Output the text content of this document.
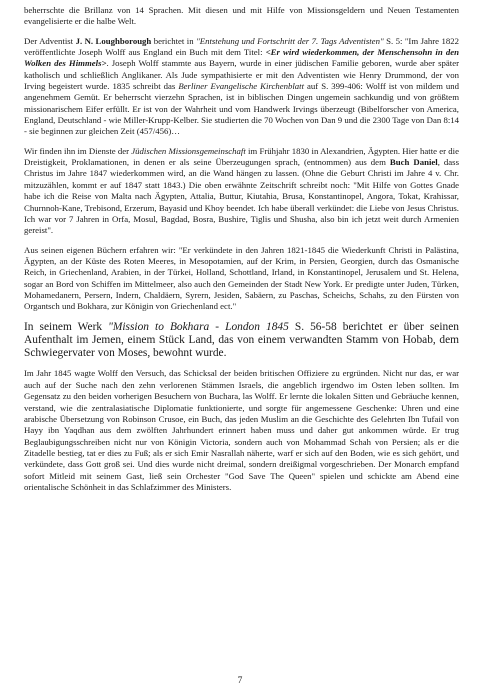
beherrschte die Brillanz von 14 Sprachen. Mit diesen und mit Hilfe von Missionsgeldern und Neuen Testamenten evangelisierte er die halbe Welt.

Der Adventist J. N. Loughborough berichtet in "Entstehung und Fortschritt der 7. Tags Adventisten" S. 5: "Im Jahre 1822 veröffentlichte Joseph Wolff aus England ein Buch mit dem Titel: <Er wird wiederkommen, der Menschensohn in den Wolken des Himmels>. Joseph Wolff stammte aus Bayern, wurde in einer jüdischen Familie geboren, wurde aber später katholisch und schließlich Anglikaner. Als Jude sympathisierte er mit den Adventisten wie Henry Drummond, der von Irving begeistert wurde. 1835 schreibt das Berliner Evangelische Kirchenblatt auf S. 399-406: Wolff ist von mildem und angenehmem Gemüt. Er beherrscht vierzehn Sprachen, ist in biblischen Dingen ungemein sachkundig und von größtem missionarischem Eifer erfüllt. Er ist von der Wahrheit und vom Handwerk Irvings überzeugt (Bibelforscher von America, England, Deutschland - wie Miller-Krupp-Kelber. Sie studierten die 70 Wochen von Dan 9 und die 2300 Tage von Dan 8:14 - sie beginnen zur gleichen Zeit (457/456)…

Wir finden ihn im Dienste der Jüdischen Missionsgemeinschaft im Frühjahr 1830 in Alexandrien, Ägypten. Hier hatte er die Dreistigkeit, Proklamationen, in denen er als seine Überzeugungen sprach, (entnommen) aus dem Buch Daniel, dass Christus im Jahre 1847 wiederkommen wird, an die Wand hängen zu lassen. (Ohne die Geburt Christi im Jahre 4 v. Chr. mitzuzählen, kommt er auf 1847 statt 1843.) Die oben erwähnte Zeitschrift schreibt noch: "Mit Hilfe von Gottes Gnade habe ich die Reise von Malta nach Ägypten, Attalia, Buttur, Kiutahia, Brusa, Konstantinopel, Angora, Tokat, Krahissar, Churnnoh-Kane, Trebisond, Erzerum, Bayasid und Khoy beendet. Ich habe überall verkündet: die Liebe von Jesus Christus. Ich war vor 7 Jahren in Orfa, Mosul, Bagdad, Bosra, Bushire, Tiglis und Shusha, also bin ich jetzt weit durch Armenien gereist".

Aus seinen eigenen Büchern erfahren wir: "Er verkündete in den Jahren 1821-1845 die Wiederkunft Christi in Palästina, Ägypten, an der Küste des Roten Meeres, in Mesopotamien, auf der Krim, in Persien, Georgien, durch das Osmanische Reich, in Griechenland, Arabien, in der Türkei, Holland, Schottland, Irland, in Konstantinopel, Jerusalem und St. Helena, sogar an Bord von Schiffen im Mittelmeer, also auch den Gemeinden der Stadt New York. Er predigte unter Juden, Türken, Mohamedanern, Persern, Indern, Chaldäern, Syrern, Jesiden, Sabäern, zu Paschas, Scheichs, Schahs, zu den Fürsten von Organtsch und Bokhara, zur Königin von Griechenland ect."

In seinem Werk "Mission to Bokhara - London 1845 S. 56-58 berichtet er über seinen Aufenthalt im Jemen, einem Stück Land, das von einem verwandten Stamm von Hobab, dem Schwiegervater von Moses, bewohnt wurde.

Im Jahr 1845 wagte Wolff den Versuch, das Schicksal der beiden britischen Offiziere zu ergründen. Nicht nur das, er war auch auf der Suche nach den zehn verlorenen Stämmen Israels, die angeblich irgendwo im Osten leben sollten. Im Gegensatz zu den beiden vorherigen Besuchern von Buchara, las Wolff. Er lernte die lokalen Sitten und Gebräuche kennen, verstand, wie die zentralasiatische Diplomatie funktionierte, und sorgte für angemessene Geschenke: Uhren und eine arabische Übersetzung von Robinson Crusoe, ein Buch, das jeden Muslim an die Geschichte des Gelehrten Ibn Tufail von Hayy ibn Yaqdhan aus dem zwölften Jahrhundert erinnert haben muss und daher gut ankommen würde. Er trug Beglaubigungsschreiben nicht nur von Königin Victoria, sondern auch von Mohammad Schah von Persien; als er die Zitadelle bestieg, tat er dies zu Fuß; als er sich Emir Nasrallah näherte, warf er sich auf den Boden, wie es sich gehört, und verkündete, dass Gott groß sei. Und dies wurde nicht dreimal, sondern dreißigmal vorgeschrieben. Der Monarch empfand sofort Mitleid mit seinem Gast, ließ sein Orchester "God Save The Queen" spielen und schickte am Abend eine orientalische Schönheit in das Schlafzimmer des Ministers.

7
